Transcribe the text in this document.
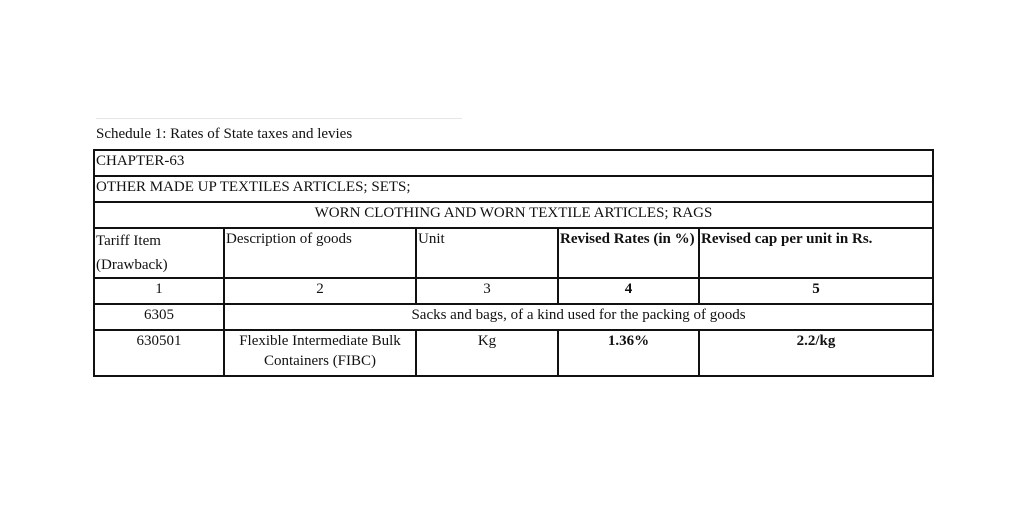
Schedule 1: Rates of State taxes and levies
CHAPTER-63				
OTHER MADE UP TEXTILES ARTICLES; SETS;				
WORN CLOTHING AND WORN TEXTILE ARTICLES; RAGS				

Tariff Item (Drawback)	Description of goods	Unit	Revised Rates (in %)	Revised cap per unit in Rs.
1	2	3	4	5
6305	Sacks and bags, of a kind used for the packing of goods			
630501	Flexible Intermediate Bulk Containers (FIBC)	Kg	1.36%	2.2/kg
